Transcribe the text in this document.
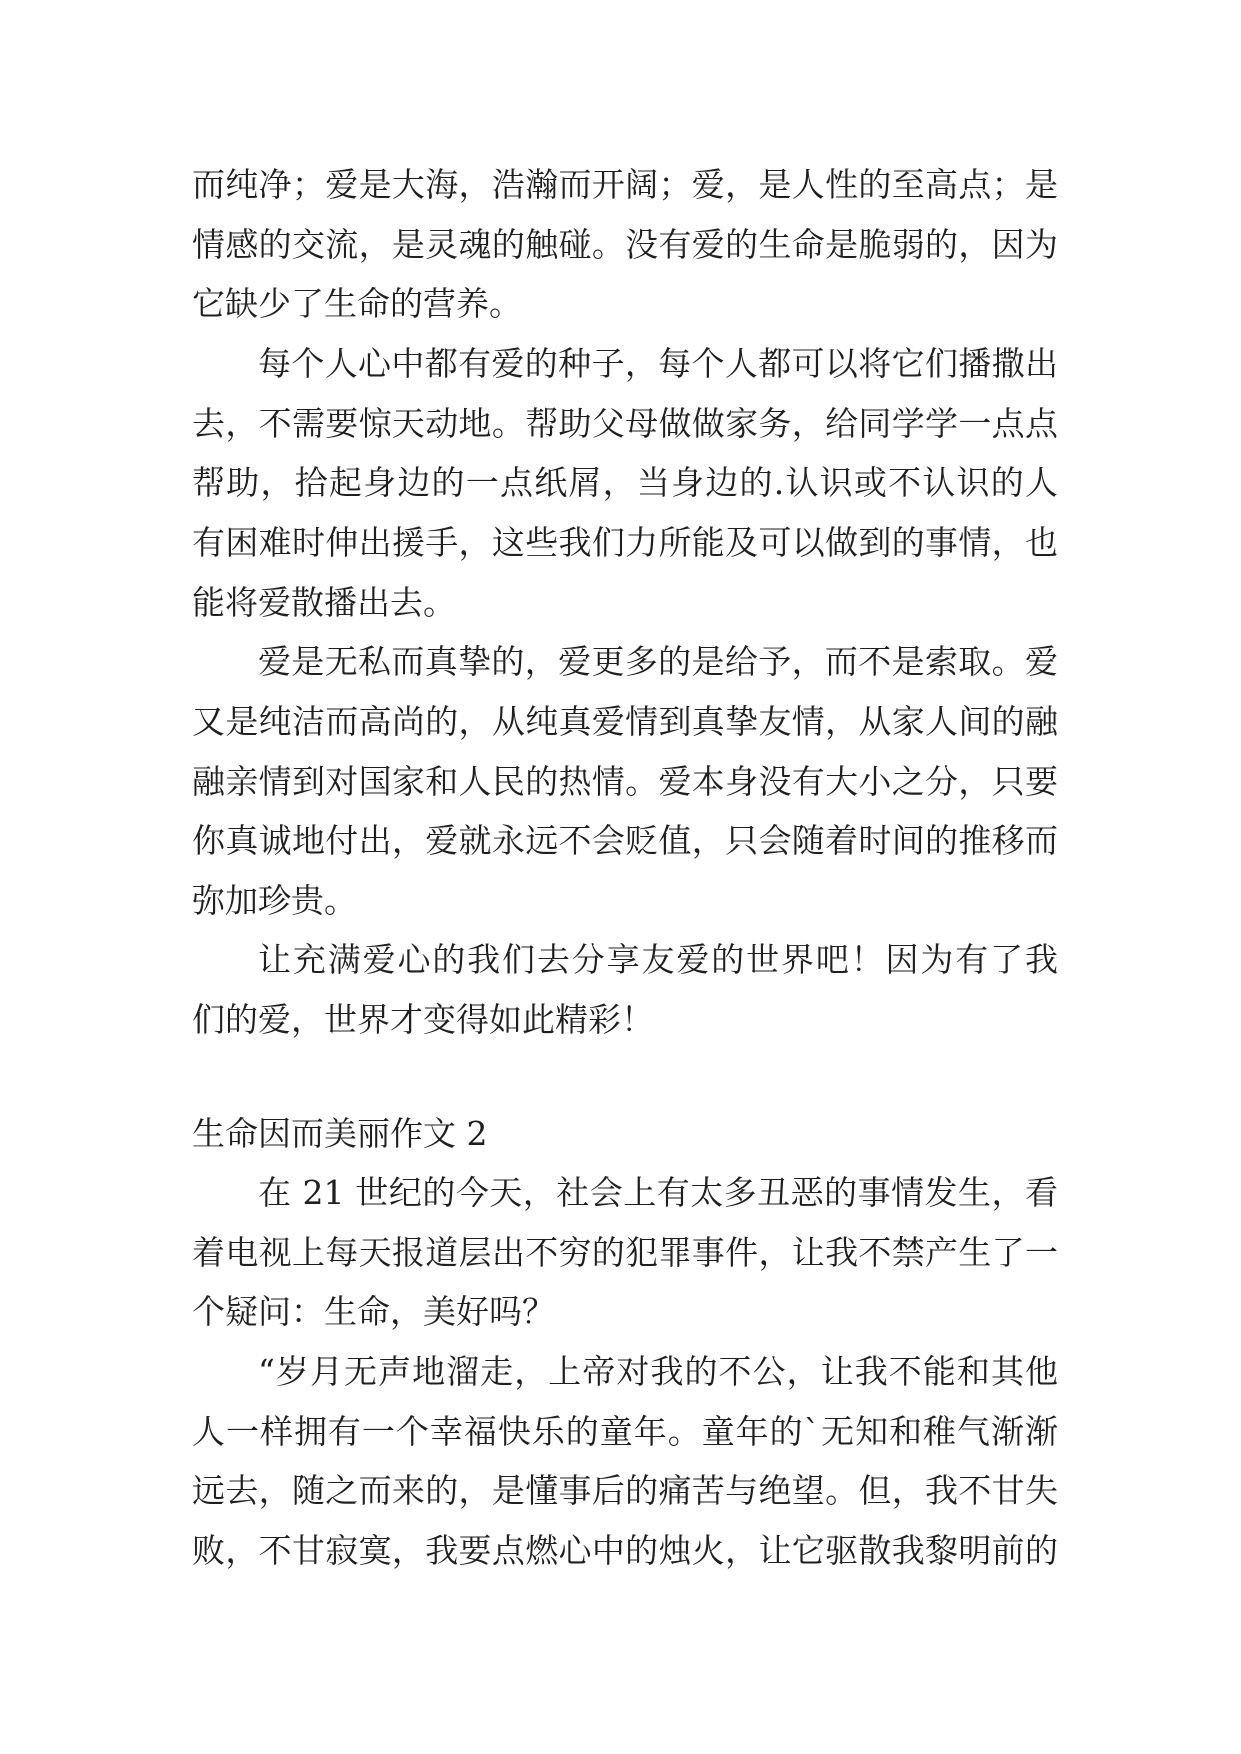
而纯净；爱是大海，浩瀚而开阔；爱，是人性的至高点；是
情感的交流，是灵魂的触碰。没有爱的生命是脆弱的，因为
它缺少了生命的营养。
每个人心中都有爱的种子，每个人都可以将它们播撒出
去，不需要惊天动地。帮助父母做做家务，给同学学一点点
帮助，拾起身边的一点纸屑，当身边的.认识或不认识的人
有困难时伸出援手，这些我们力所能及可以做到的事情，也
能将爱散播出去。
爱是无私而真挚的，爱更多的是给予，而不是索取。爱
又是纯洁而高尚的，从纯真爱情到真挚友情，从家人间的融
融亲情到对国家和人民的热情。爱本身没有大小之分，只要
你真诚地付出，爱就永远不会贬值，只会随着时间的推移而
弥加珍贵。
让充满爱心的我们去分享友爱的世界吧！因为有了我
们的爱，世界才变得如此精彩！
生命因而美丽作文 2
在 21 世纪的今天，社会上有太多丑恶的事情发生，看
着电视上每天报道层出不穷的犯罪事件，让我不禁产生了一
个疑问：生命，美好吗？
“岁月无声地溜走，上帝对我的不公，让我不能和其他
人一样拥有一个幸福快乐的童年。童年的`无知和稚气渐渐
远去，随之而来的，是懂事后的痛苦与绝望。但，我不甘失
败，不甘寂寞，我要点燃心中的烛火，让它驱散我黎明前的
